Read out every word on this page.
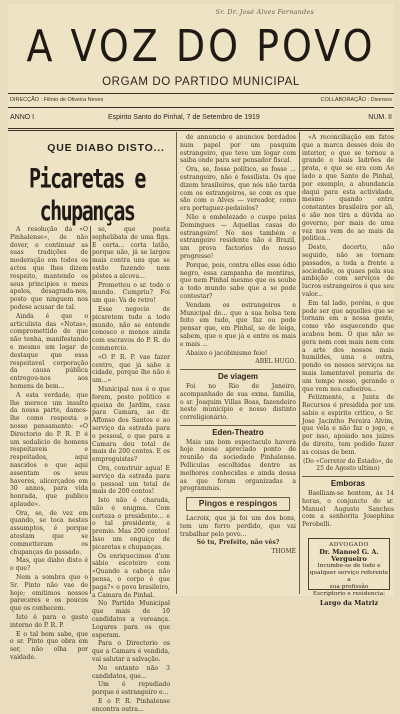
Sr. Dr. José Alves Fernandes
A VOZ DO POVO
ORGAM DO PARTIDO MUNICIPAL
DIRECÇÃO : Filinto de Oliveira Neves	COLLABORAÇÃO : Diversos
ANNO I	Espirito Santo do Pinhal, 7 de Setembro de 1919	NUM. II
QUE DIABO DISTO...
Picaretas e chupanças

A resolução da «O Pinhalense», de não dover, e continuar as suas tradições de moderação em todos os actos que lhes dizem respeito, mantendo os seus principios e meus apelos, desagrada-nos, posto que ninguem nos podese acusar de tal.

Ainda é que o articulista das «Notas», compromettido de que não tenha, manifestando e mesmo um logar de destaque que essa respeitavel corporação da causa pública entregou-nos aos homens de bem...

A esta verdade, que lhe merece um insulto da nossa parte, damos-lhe como resposta o nosso pensamento: «O Directorio do P. R. P. é um sodalicio de homens respeitaveis e respeitados, aqui nascidos e que aqui assentam os seus haveres, alicerçados em 30 annos, para vida honrada, que publico aplaude».

Ora, se, de vez em quando, se toca nestes assumptos, é porque atestam que se commetteram os chupanças do passado.

Mas, que diabo disto é o que?

Nem a sombra que o Sr. Pinto não vae de hoje; emitimos nossos pareceres e os poucos que os conhecem.

Isto é para o gasto interno do P. R. P.

E o tal bom sabe, que o sr. Pinto que obra em ser, não olha por vaidade.

se, que poeta sephelibata de uma figa. E certa... corta latão, porque não, já se largou mais contra uns que se estão fazendo nem pôstes a alcova...

Prometteu o sr. todo o mundo. Cumpriu? Foi um que: Va de retro!

Esse negocio de picaretem tudo a todo mundo, não se entende conosco e menos ainda com escravos do P. R. do commercio.

«O P. R. P. vae fazer centro, que já sabe a cidade, porque lhe não é um...»

Municipal nos é o que forem, posto politico e queixa de Jardim, casa para Camara, ao dr. Affonso dos Santos e ao serviço da estrada para o pessoal, o que para a Camara deu total de mais de 200 contos. E os empreguistas?

Ora, construir agua! E serviço da estrada para o pessoal um total de mais de 200 contos!

Isto não é charada, não é enigma. Com certeza o presidente... e o tal presidente, a premio. Mas 200 contos! Isso um enguiço de picaretas e chupanças.

Os enriquecimos d'um sábio escoteiro com «Quando a cabeça não pensa, o corpo é que paga?» o povo brasileiro, a Camara do Pinhal.

No Partido Municipal que mais de 10 candidatos a vereança. Logares para os que esperam.

Para o Directorio os que a Camara é vendida, vai salutar a salvação.

No entanto não 3 candidatos, que...

Um é repudiado porque é estrangeiro e...

E o P. R. Pinhalense encontra outra...

de annuncio e anuncios bordados num papel por um pasquim estrangeiro, que teve um logar com saiba onde para ser pensador fiscal.

Ora, se, fosse político, se fosse ... estrangeiro, não é fossilista. Os que dizem brasileiros, que nós não tarda com os estrangeiros, se com os que são com o Alves — vereador, como era portuguez-pedaiolos?

Não e embelezado o cuspe pelas Domingues — Aquellas casas do estrangeiro! No nos também e estrangeiro residente não é Brazil, um prova factorios do nosso progresso!

Porque, pois, contra elles esse ódio negro, essa campanha de mentiras, que nem Pinhal mesmo que os soube a todo mundo sabe que a se pode contestar?

Vendam os estrangeiros e Municipal de... que a sua bolsa tem feito em tudo, que faz ou pode pensar que, em Pinhal, se de leiga, sabem, que o que já e entre os mais e mais ...

Abaixo o jacobinismo feio!

ABEL HUGO.
De viagem

Foi no Rio de Janeiro, acompanhado de sua exma. familia, o sr. Joaquim Villas Boas, fazendeiro neste município e nosso distinto correligionário.

Eden-Theatro

Mais um bom espectaculo haverá hoje nesse apreciado ponto de reunião da sociedade Pinhalense. Pelliculas escolhidas dentre as melhores conhecidas e ainda dessa as que foram organizadas a programmas.

Pingos e respingos

Lacroix, que já foi um dos bons, tem um ferro perdido, que vai trabalhar pelo povo...

Só tu, Prefeito, não vês?

THOMÉ

«A reconciliação em fatos que a marca desses dois do interior, o que se tornou a grande o leais ladrões de prata, e que se era com Ao lado a que Santo de Pinhal, por exemplo, a abundancia daqui para esta actividade, mesmo quando entra constantes brasileira por ali, e são nos tira a dúvida ao governo, por mais de uma vez nos vem de ao mais da politica...

Deste, decerto, não seguido, não se tornam passados, a toda a frente a sociedade, os quaes pela sua ambição com serviços de lucros estrangeiros é que seu valor...

Em tal lado, porém, o que pode ser que aquelles que se tornam em a nossa gente, como vão esquecendo que acabou bem. O que não se gera nem com mais nem com a arte dos nossos mais humildes, uma e outra, pondo os nossos serviços na mais lamentavel penuria de um tempo nosso, gerando o que vem nos cafeeiros...

Felizmente, a Junta de Recursos é presidida por um sabio e espirito critico, o Sr. Jose Jacintho Pereira Alvim, que vela e não faz o jogo, e por isso, apoiado nos juizes de direito, tem podido fazer as coisas de bem.

(Do «Corretor do Estado», de 25 de Agosto ultimo)
Emboras

Baelliam-se hontem, às 14 horas, o conjuncto do sr. Manuel Augusto Sanches com a senhorita Josephina Perobelli.

ADVOGADO
Dr. Manoel G. A. Vergueiro
Incumbe-se de todo e
qualquer serviço referente a
sua profissão
Escriptorio e residencia:
Largo da Matriz
